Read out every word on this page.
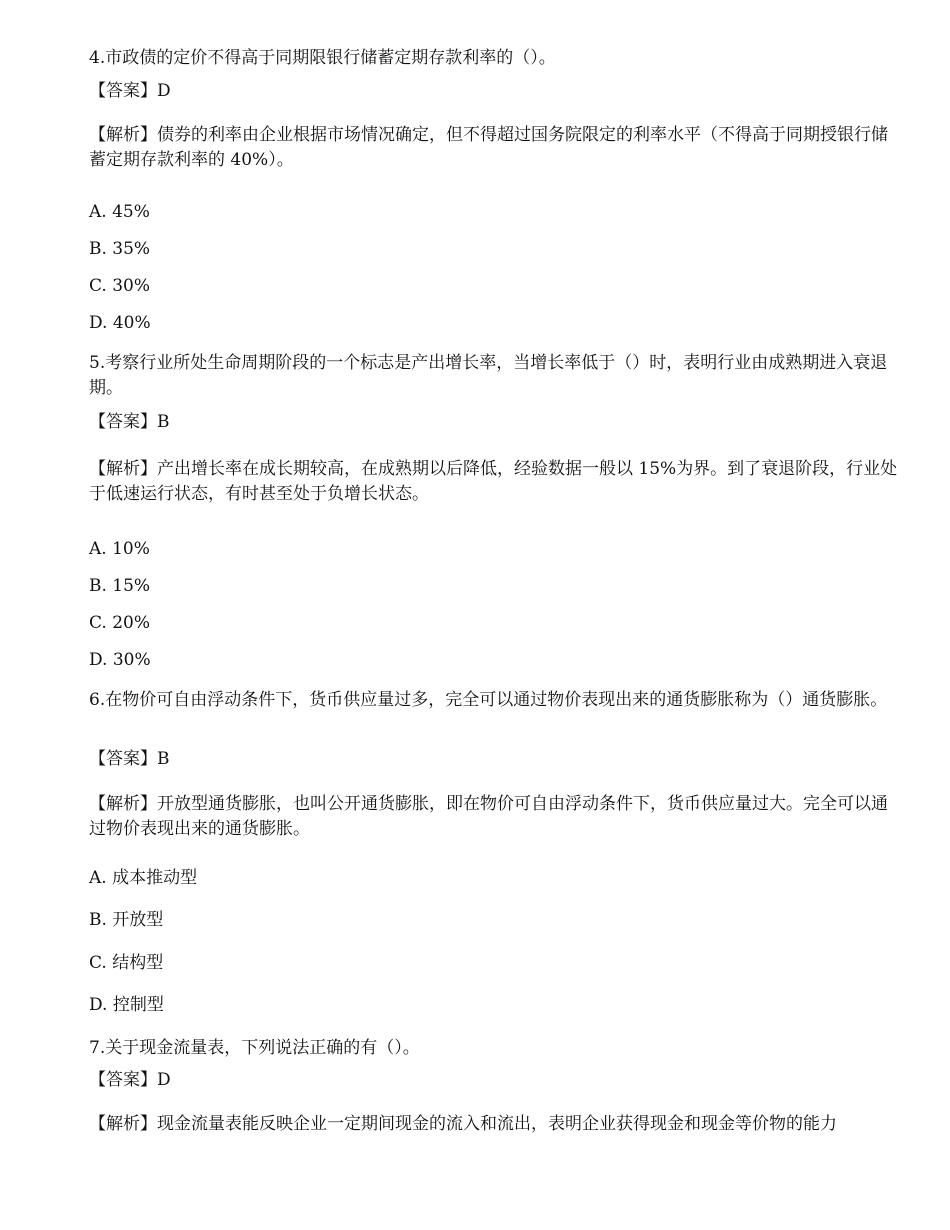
4.市政债的定价不得高于同期限银行储蓄定期存款利率的（）。
【答案】D
【解析】债券的利率由企业根据市场情况确定，但不得超过国务院限定的利率水平（不得高于同期授银行储蓄定期存款利率的 40%）。
A. 45%
B. 35%
C. 30%
D. 40%
5.考察行业所处生命周期阶段的一个标志是产出增长率，当增长率低于（）时，表明行业由成熟期进入衰退期。
【答案】B
【解析】产出增长率在成长期较高，在成熟期以后降低，经验数据一般以 15%为界。到了衰退阶段，行业处于低速运行状态，有时甚至处于负增长状态。
A. 10%
B. 15%
C. 20%
D. 30%
6.在物价可自由浮动条件下，货币供应量过多，完全可以通过物价表现出来的通货膨胀称为（）通货膨胀。
【答案】B
【解析】开放型通货膨胀，也叫公开通货膨胀，即在物价可自由浮动条件下，货币供应量过大。完全可以通过物价表现出来的通货膨胀。
A. 成本推动型
B. 开放型
C. 结构型
D. 控制型
7.关于现金流量表，下列说法正确的有（）。
【答案】D
【解析】现金流量表能反映企业一定期间现金的流入和流出，表明企业获得现金和现金等价物的能力
